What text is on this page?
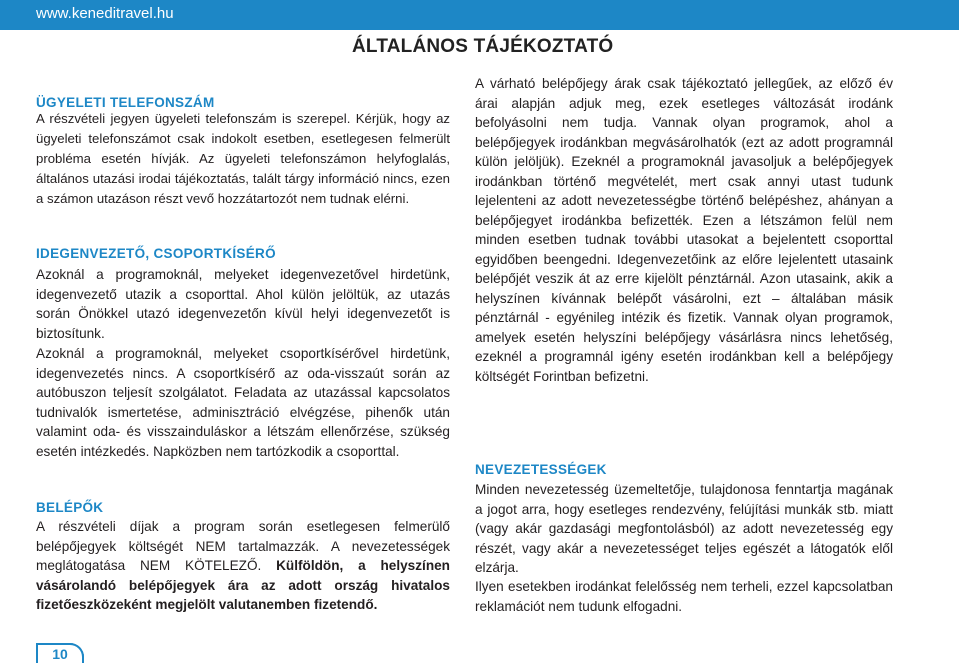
www.keneditravel.hu
ÁLTALÁNOS TÁJÉKOZTATÓ
ÜGYELETI TELEFONSZÁM

A részvételi jegyen ügyeleti telefonszám is szerepel. Kérjük, hogy az ügyeleti telefonszámot csak indokolt esetben, esetlegesen felmerült probléma esetén hívják. Az ügyeleti telefonszámon helyfoglalás, általános utazási irodai tájékoztatás, talált tárgy információ nincs, ezen a számon utazáson részt vevő hozzátartozót nem tudnak elérni.

IDEGENVEZETŐ, CSOPORTKÍSÉRŐ

Azoknál a programoknál, melyeket idegenvezetővel hirdetünk, idegenvezető utazik a csoporttal. Ahol külön jelöltük, az utazás során Önökkel utazó idegenvezetőn kívül helyi idegenvezetőt is biztosítunk.

Azoknál a programoknál, melyeket csoportkísérővel hirdetünk, idegenvezetés nincs. A csoportkísérő az oda-visszaút során az autóbuszon teljesít szolgálatot. Feladata az utazással kapcsolatos tudnivalók ismertetése, adminisztráció elvégzése, pihenők után valamint oda- és visszainduláskor a létszám ellenőrzése, szükség esetén intézkedés. Napközben nem tartózkodik a csoporttal.

BELÉPŐK

A részvételi díjak a program során esetlegesen felmerülő belépőjegyek költségét NEM tartalmazzák. A nevezetességek meglátogatása NEM KÖTELEZŐ. Külföldön, a helyszínen vásárolandó belépőjegyek ára az adott ország hivatalos fizetőeszközeként megjelölt valutanemben fizetendő.

A várható belépőjegy árak csak tájékoztató jellegűek, az előző év árai alapján adjuk meg, ezek esetleges változását irodánk befolyásolni nem tudja. Vannak olyan programok, ahol a belépőjegyek irodánkban megvásárolhatók (ezt az adott programnál külön jelöljük). Ezeknél a programoknál javasoljuk a belépőjegyek irodánkban történő megvételét, mert csak annyi utast tudunk lejelenteni az adott nevezetességbe történő belépéshez, ahányan a belépőjegyet irodánkba befizették. Ezen a létszámon felül nem minden esetben tudnak további utasokat a bejelentett csoporttal egyidőben beengedni. Idegenvezetőink az előre lejelentett utasaink belépőjét veszik át az erre kijelölt pénztárnál. Azon utasaink, akik a helyszínen kívánnak belépőt vásárolni, ezt – általában másik pénztárnál - egyénileg intézik és fizetik. Vannak olyan programok, amelyek esetén helyszíni belépőjegy vásárlásra nincs lehetőség, ezeknél a programnál igény esetén irodánkban kell a belépőjegy költségét Forintban befizetni.

NEVEZETESSÉGEK

Minden nevezetesség üzemeltetője, tulajdonosa fenntartja magának a jogot arra, hogy esetleges rendezvény, felújítási munkák stb. miatt (vagy akár gazdasági megfontolásból) az adott nevezetesség egy részét, vagy akár a nevezetességet teljes egészét a látogatók elől elzárja.

Ilyen esetekben irodánkat felelősség nem terheli, ezzel kapcsolatban reklamációt nem tudunk elfogadni.

10
